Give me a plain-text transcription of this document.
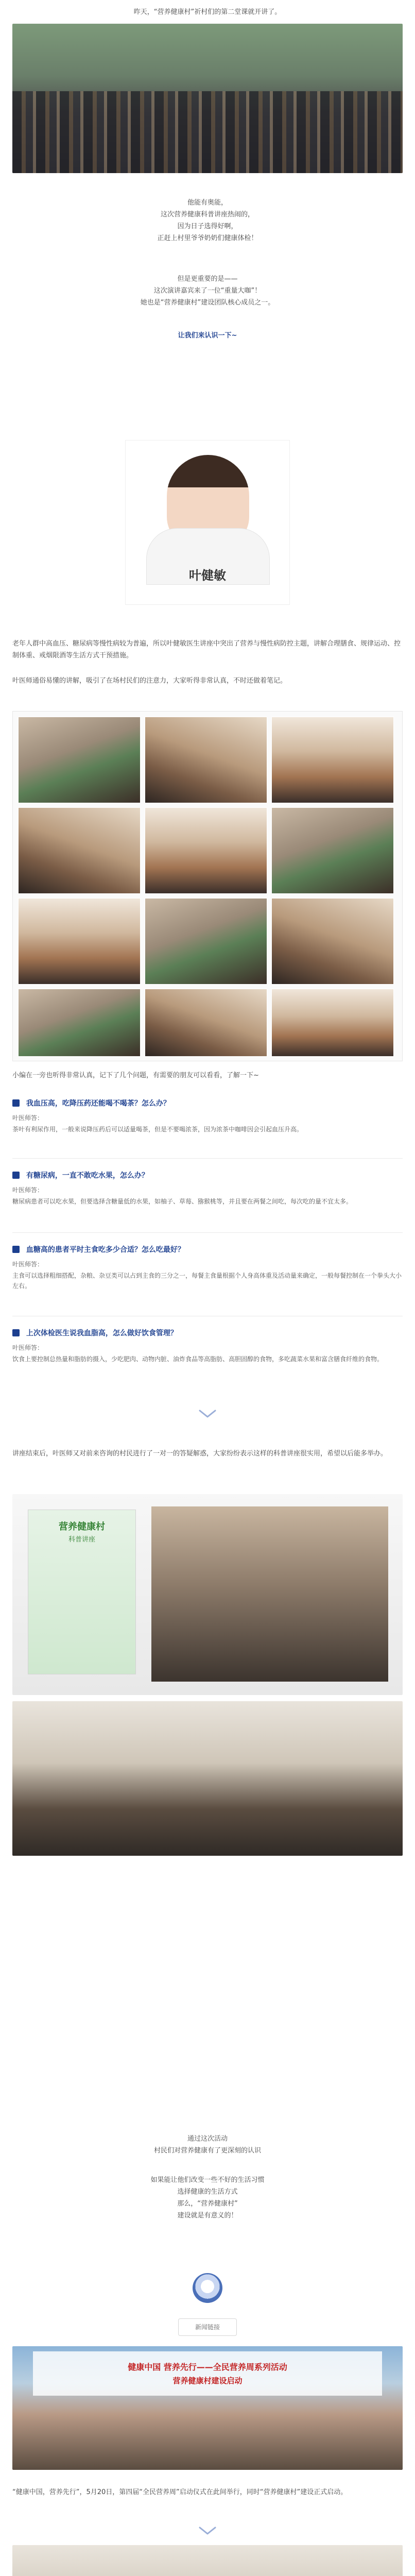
昨天，“营养健康村”祈村们的第二堂课就开讲了。
他能有奥能，
这次营养健康科普讲座热闹的，
因为日子选得好啊，
正赶上村里爷爷奶奶们健康体检！
但是更重要的是——
这次演讲嘉宾来了一位“重量大咖”！
她也是“营养健康村”建设团队核心成员之一。
让我们来认识一下~
叶健敏
老年人群中高血压、糖尿病等慢性病较为普遍，所以叶健敏医生讲座中突出了营养与慢性病防控主题，讲解合理膳食、规律运动、控制体重、戒烟限酒等生活方式干预措施。
叶医师通俗易懂的讲解，吸引了在场村民们的注意力，大家听得非常认真，不时还做着笔记。
小编在一旁也听得非常认真，记下了几个问题，有需要的朋友可以看看，了解一下~
我血压高，吃降压药还能喝不喝茶？怎么办？
叶医师答：
茶叶有利尿作用，一般来说降压药后可以适量喝茶，但是不要喝浓茶，因为浓茶中咖啡因会引起血压升高。
有糖尿病，一直不敢吃水果，怎么办？
叶医师答：
糖尿病患者可以吃水果，但要选择含糖量低的水果，如柚子、草莓、猕猴桃等，并且要在两餐之间吃，每次吃的量不宜太多。
血糖高的患者平时主食吃多少合适？怎么吃最好？
叶医师答：
主食可以选择粗细搭配，杂粮、杂豆类可以占到主食的三分之一，每餐主食量根据个人身高体重及活动量来确定，一般每餐控制在一个拳头大小左右。
上次体检医生说我血脂高，怎么做好饮食管理？
叶医师答：
饮食上要控制总热量和脂肪的摄入，少吃肥肉、动物内脏、油炸食品等高脂肪、高胆固醇的食物，多吃蔬菜水果和富含膳食纤维的食物。
讲座结束后，叶医师又对前来咨询的村民进行了一对一的答疑解惑，大家纷纷表示这样的科普讲座很实用，希望以后能多举办。
营养健康村
科普讲座
通过这次活动
村民们对营养健康有了更深刻的认识
如果能让他们改变一些不好的生活习惯
选择健康的生活方式
那么，“营养健康村”
建设就是有意义的！
新闻链接
健康中国 营养先行——全民营养周系列活动
营养健康村建设启动
“健康中国，营养先行”，5月20日，第四届“全民营养周”启动仪式在此间举行，同时“营养健康村”建设正式启动。
